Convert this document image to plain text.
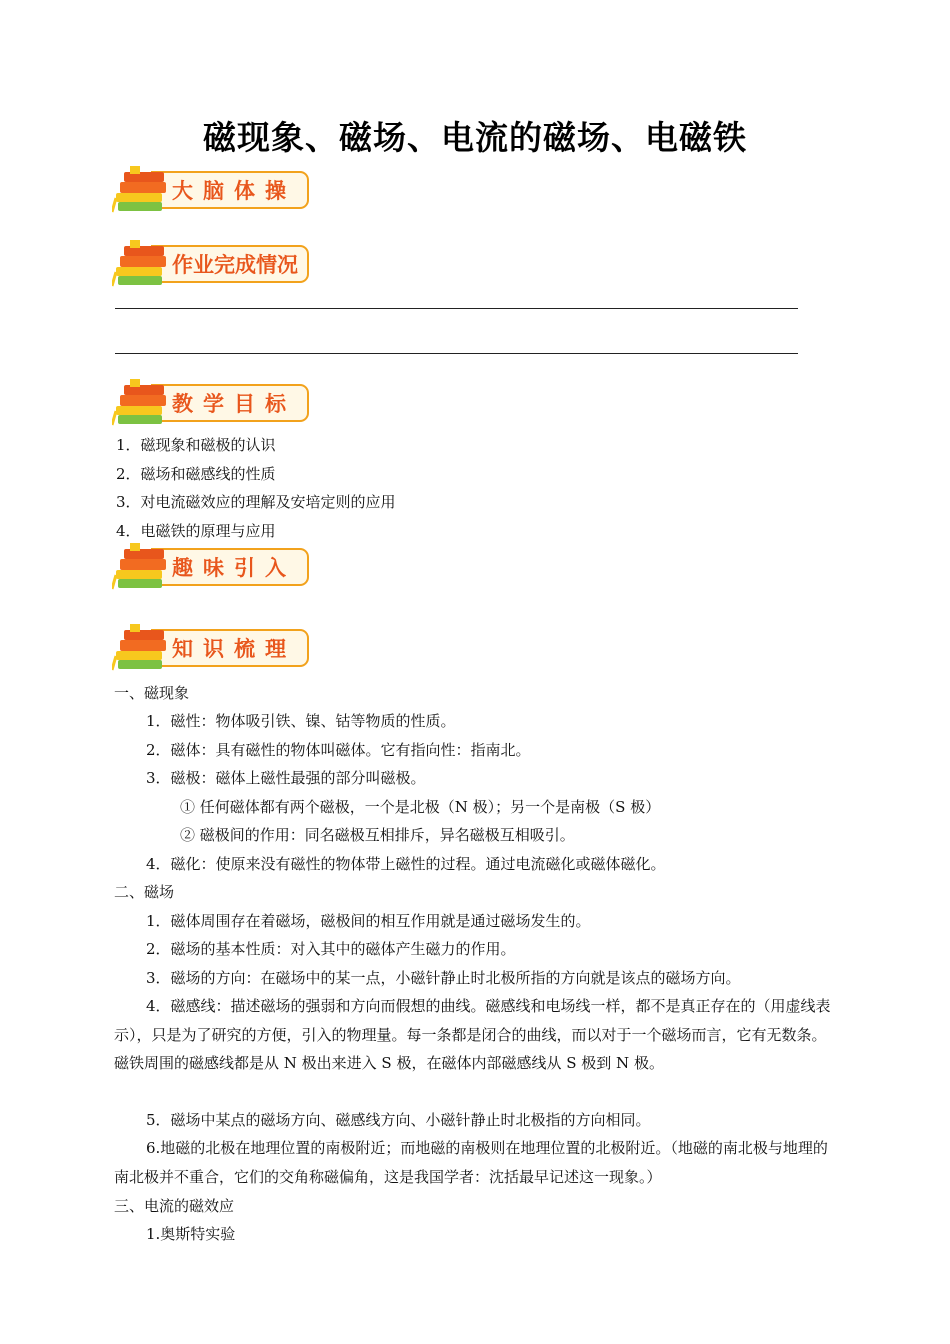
磁现象、磁场、电流的磁场、电磁铁
大脑体操
作业完成情况
教学目标
1．磁现象和磁极的认识
2．磁场和磁感线的性质
3．对电流磁效应的理解及安培定则的应用
4．电磁铁的原理与应用
趣味引入
知识梳理
一、磁现象
1．磁性：物体吸引铁、镍、钴等物质的性质。
2．磁体：具有磁性的物体叫磁体。它有指向性：指南北。
3．磁极：磁体上磁性最强的部分叫磁极。
① 任何磁体都有两个磁极，一个是北极（N 极）；另一个是南极（S 极）
② 磁极间的作用：同名磁极互相排斥，异名磁极互相吸引。
4．磁化：使原来没有磁性的物体带上磁性的过程。通过电流磁化或磁体磁化。
二、磁场
1．磁体周围存在着磁场，磁极间的相互作用就是通过磁场发生的。
2．磁场的基本性质：对入其中的磁体产生磁力的作用。
3．磁场的方向：在磁场中的某一点，小磁针静止时北极所指的方向就是该点的磁场方向。
4．磁感线：描述磁场的强弱和方向而假想的曲线。磁感线和电场线一样，都不是真正存在的（用虚线表示），只是为了研究的方便，引入的物理量。每一条都是闭合的曲线，而以对于一个磁场而言，它有无数条。磁铁周围的磁感线都是从 N 极出来进入 S 极，在磁体内部磁感线从 S 极到 N 极。
5．磁场中某点的磁场方向、磁感线方向、小磁针静止时北极指的方向相同。
6.地磁的北极在地理位置的南极附近；而地磁的南极则在地理位置的北极附近。（地磁的南北极与地理的南北极并不重合，它们的交角称磁偏角，这是我国学者：沈括最早记述这一现象。）
三、电流的磁效应
1.奥斯特实验
